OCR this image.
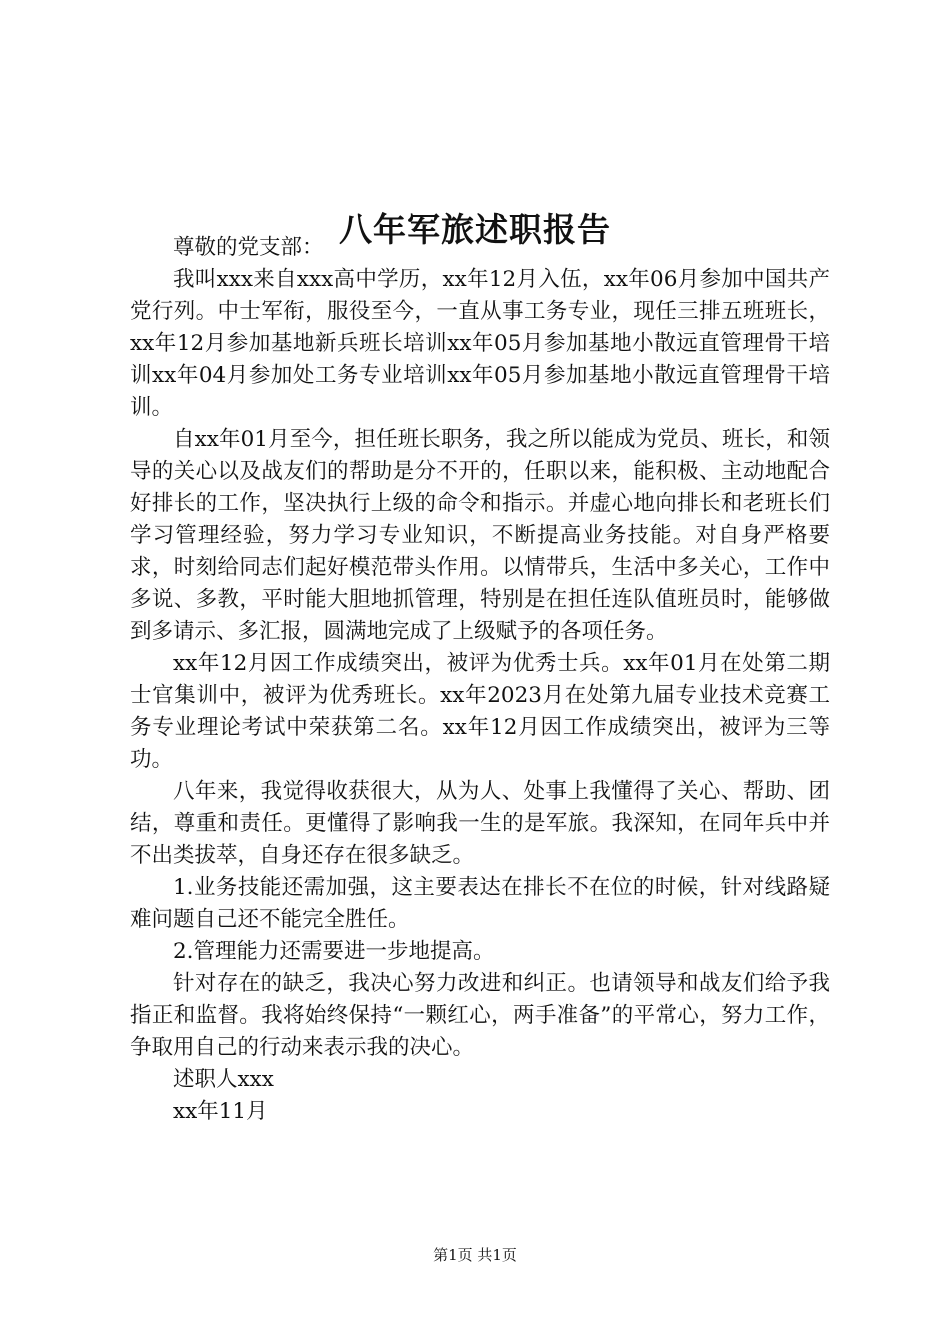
八年军旅述职报告

尊敬的党支部：

我叫xxx来自xxx高中学历，xx年12月入伍，xx年06月参加中国共产党行列。中士军衔，服役至今，一直从事工务专业，现任三排五班班长，xx年12月参加基地新兵班长培训xx年05月参加基地小散远直管理骨干培训xx年04月参加处工务专业培训xx年05月参加基地小散远直管理骨干培训。

自xx年01月至今，担任班长职务，我之所以能成为党员、班长，和领导的关心以及战友们的帮助是分不开的，任职以来，能积极、主动地配合好排长的工作，坚决执行上级的命令和指示。并虚心地向排长和老班长们学习管理经验，努力学习专业知识，不断提高业务技能。对自身严格要求，时刻给同志们起好模范带头作用。以情带兵，生活中多关心，工作中多说、多教，平时能大胆地抓管理，特别是在担任连队值班员时，能够做到多请示、多汇报，圆满地完成了上级赋予的各项任务。

xx年12月因工作成绩突出，被评为优秀士兵。xx年01月在处第二期士官集训中，被评为优秀班长。xx年2023月在处第九届专业技术竞赛工务专业理论考试中荣获第二名。xx年12月因工作成绩突出，被评为三等功。

八年来，我觉得收获很大，从为人、处事上我懂得了关心、帮助、团结，尊重和责任。更懂得了影响我一生的是军旅。我深知，在同年兵中并不出类拔萃，自身还存在很多缺乏。

1.业务技能还需加强，这主要表达在排长不在位的时候，针对线路疑难问题自己还不能完全胜任。

2.管理能力还需要进一步地提高。

针对存在的缺乏，我决心努力改进和纠正。也请领导和战友们给予我指正和监督。我将始终保持“一颗红心，两手准备”的平常心，努力工作，争取用自己的行动来表示我的决心。

述职人xxx

xx年11月

第1页 共1页
